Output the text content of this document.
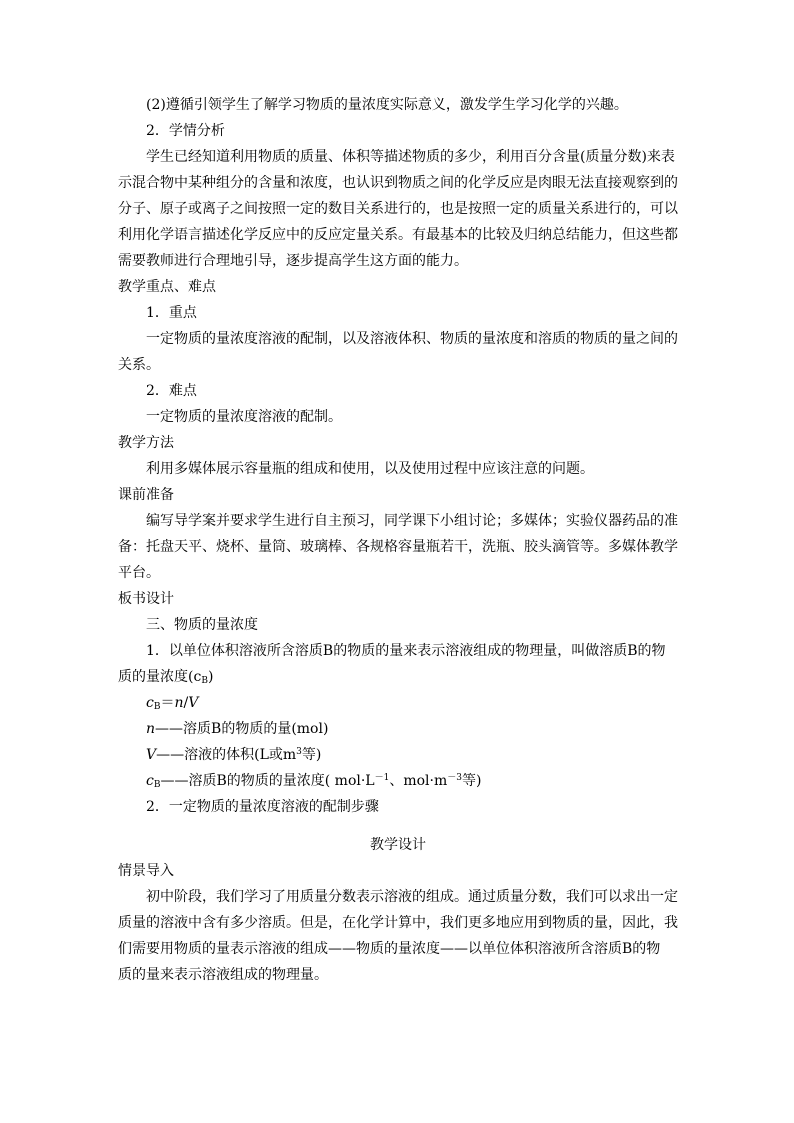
(2)遵循引领学生了解学习物质的量浓度实际意义，激发学生学习化学的兴趣。
2．学情分析
学生已经知道利用物质的质量、体积等描述物质的多少，利用百分含量(质量分数)来表
示混合物中某种组分的含量和浓度，也认识到物质之间的化学反应是肉眼无法直接观察到的
分子、原子或离子之间按照一定的数目关系进行的，也是按照一定的质量关系进行的，可以
利用化学语言描述化学反应中的反应定量关系。有最基本的比较及归纳总结能力，但这些都
需要教师进行合理地引导，逐步提高学生这方面的能力。
教学重点、难点
1．重点
一定物质的量浓度溶液的配制，以及溶液体积、物质的量浓度和溶质的物质的量之间的
关系。
2．难点
一定物质的量浓度溶液的配制。
教学方法
利用多媒体展示容量瓶的组成和使用，以及使用过程中应该注意的问题。
课前准备
编写导学案并要求学生进行自主预习，同学课下小组讨论；多媒体；实验仪器药品的准
备：托盘天平、烧杯、量筒、玻璃棒、各规格容量瓶若干，洗瓶、胶头滴管等。多媒体教学
平台。
板书设计
三、物质的量浓度
1．以单位体积溶液所含溶质B的物质的量来表示溶液组成的物理量，叫做溶质B的物
质的量浓度$(c_B)$
$c_B=n/V$
n——溶质B的物质的量(mol)
V——溶液的体积(L或$m^3$等)
$c_B——$溶质B的物质的量浓度( $mol\cdot L^{-1}$、$mol\cdot m^{-3}$等)
2．一定物质的量浓度溶液的配制步骤
教学设计
情景导入
初中阶段，我们学习了用质量分数表示溶液的组成。通过质量分数，我们可以求出一定
质量的溶液中含有多少溶质。但是，在化学计算中，我们更多地应用到物质的量，因此，我
们需要用物质的量表示溶液的组成——物质的量浓度——以单位体积溶液所含溶质B的物
质的量来表示溶液组成的物理量。
